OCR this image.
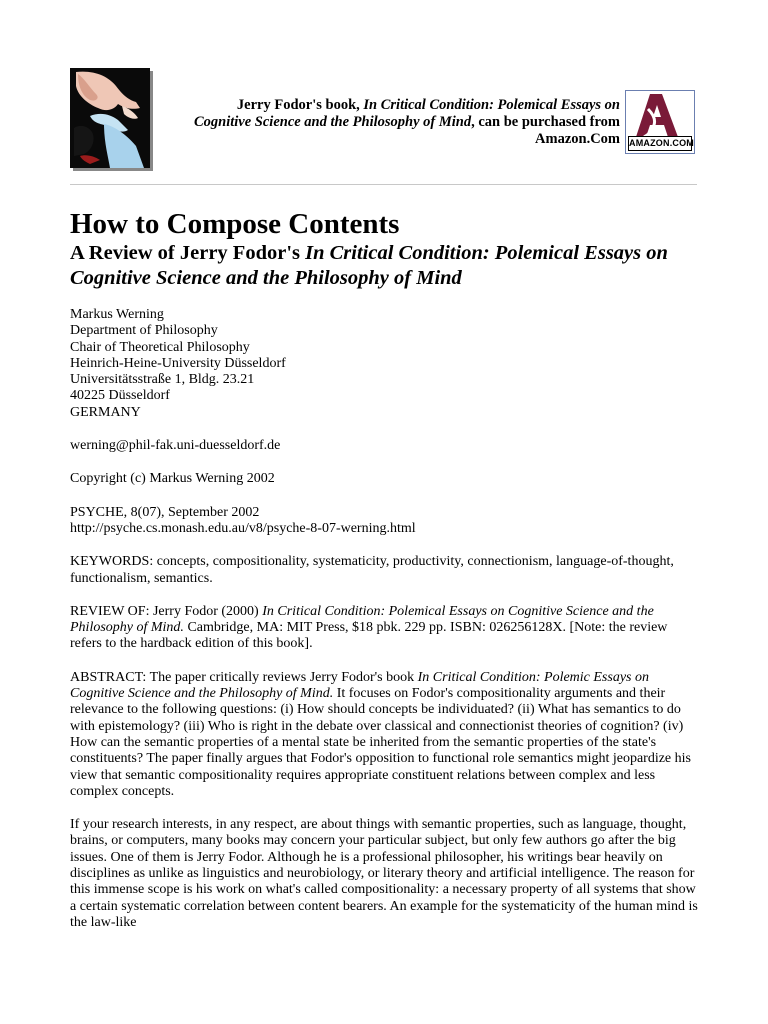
Jerry Fodor's book, In Critical Condition: Polemical Essays on Cognitive Science and the Philosophy of Mind, can be purchased from Amazon.Com AMAZON.COM
How to Compose Contents
A Review of Jerry Fodor's In Critical Condition: Polemical Essays on Cognitive Science and the Philosophy of Mind

Markus Werning
Department of Philosophy
Chair of Theoretical Philosophy
Heinrich-Heine-University Düsseldorf
Universitätsstraße 1, Bldg. 23.21
40225 Düsseldorf
GERMANY

werning@phil-fak.uni-duesseldorf.de

Copyright (c) Markus Werning 2002

PSYCHE, 8(07), September 2002
http://psyche.cs.monash.edu.au/v8/psyche-8-07-werning.html

KEYWORDS: concepts, compositionality, systematicity, productivity, connectionism, language-of-thought, functionalism, semantics.

REVIEW OF: Jerry Fodor (2000) In Critical Condition: Polemical Essays on Cognitive Science and the Philosophy of Mind. Cambridge, MA: MIT Press, $18 pbk. 229 pp. ISBN: 026256128X. [Note: the review refers to the hardback edition of this book].

ABSTRACT: The paper critically reviews Jerry Fodor's book In Critical Condition: Polemic Essays on Cognitive Science and the Philosophy of Mind. It focuses on Fodor's compositionality arguments and their relevance to the following questions: (i) How should concepts be individuated? (ii) What has semantics to do with epistemology? (iii) Who is right in the debate over classical and connectionist theories of cognition? (iv) How can the semantic properties of a mental state be inherited from the semantic properties of the state's constituents? The paper finally argues that Fodor's opposition to functional role semantics might jeopardize his view that semantic compositionality requires appropriate constituent relations between complex and less complex concepts.

If your research interests, in any respect, are about things with semantic properties, such as language, thought, brains, or computers, many books may concern your particular subject, but only few authors go after the big issues. One of them is Jerry Fodor. Although he is a professional philosopher, his writings bear heavily on disciplines as unlike as linguistics and neurobiology, or literary theory and artificial intelligence. The reason for this immense scope is his work on what's called compositionality: a necessary property of all systems that show a certain systematic correlation between content bearers. An example for the systematicity of the human mind is the law-like
